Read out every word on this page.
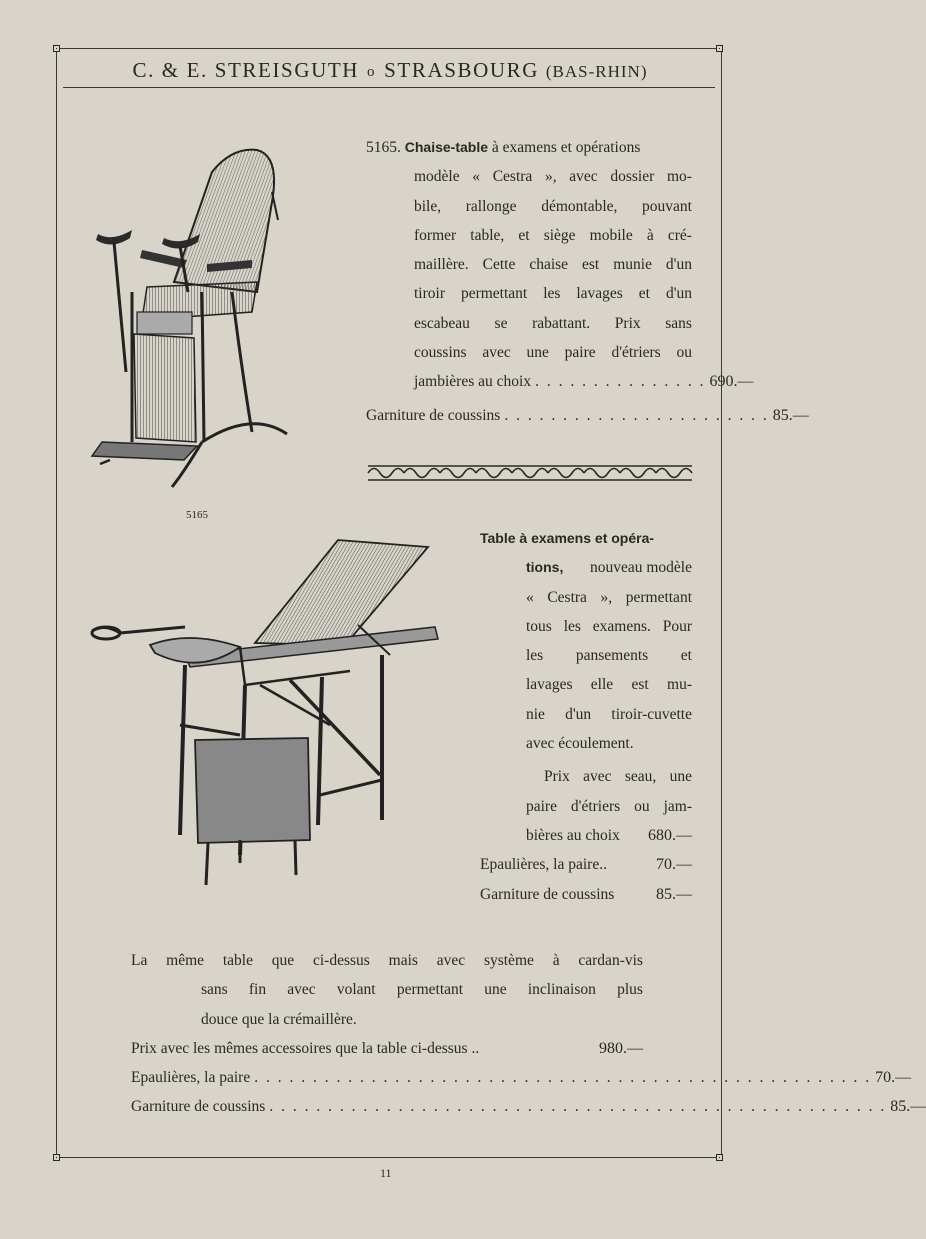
C. & E. STREISGUTH o STRASBOURG (BAS-RHIN)
5165
5165.
Chaise-table
à examens et opérations
modèle « Cestra », avec dossier mo-
bile, rallonge démontable, pouvant
former table, et siège mobile à cré-
maillère. Cette chaise est munie d'un
tiroir permettant les lavages et d'un
escabeau se rabattant. Prix sans
coussins avec une paire d'étriers ou
jambières au choix . . . . . . . . . . . . . . . 690.—
Garniture de coussins . . . . . . . . . . . . . . . . . . . . . . . 85.—
Table à examens et opéra-
tions,
nouveau modèle
« Cestra », permettant
tous les examens. Pour
les pansements et
lavages elle est mu-
nie d'un tiroir-cuvette
avec écoulement.
Prix avec seau, une
paire d'étriers ou jam-
bières au choix 680.—
Epaulières, la paire..	70.—
Garniture de coussins	85.—
La même table que ci-dessus mais avec système à cardan-vis
sans fin avec volant permettant une inclinaison plus
douce que la crémaillère.
Prix avec les mêmes accessoires que la table ci-dessus ..	980.—
Epaulières, la paire . . . . . . . . . . . . . . . . . . . . . . . . . . . . . . . . . . . . . . . . . . . . . . . . . . . . . 70.—
Garniture de coussins . . . . . . . . . . . . . . . . . . . . . . . . . . . . . . . . . . . . . . . . . . . . . . . . . . . . . 85.—
11
